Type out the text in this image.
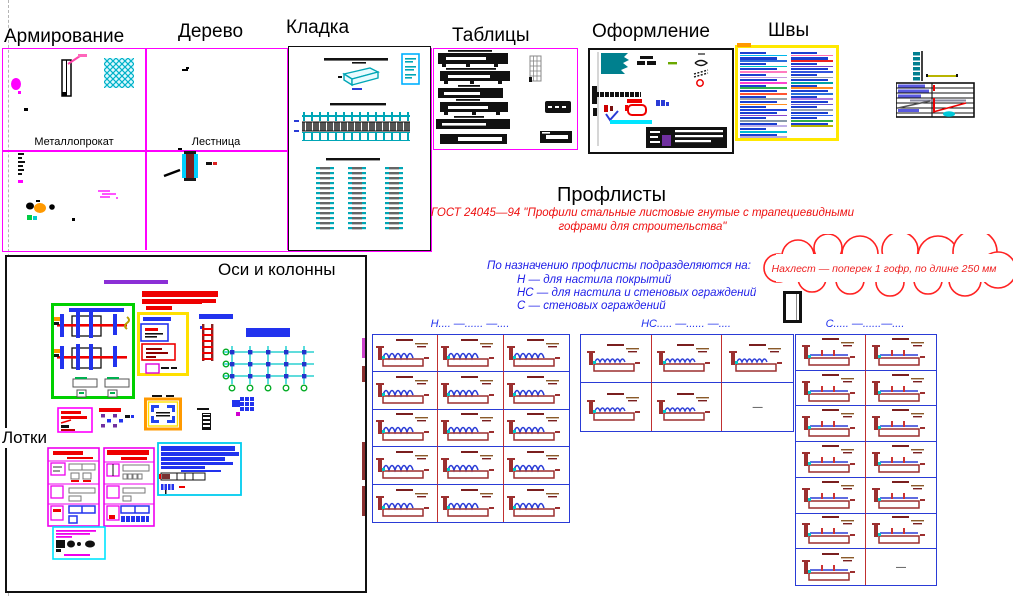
Армирование	Дерево Кладка	Таблицы	Оформление	Швы
Профлисты
Металлопрокат	Лестница
ГОСТ 24045—94 "Профили стальные листовые гнутые с трапециевидными
гофрами для строительства"
По назначению профлисты подразделяются на:
Н — для настила покрытий
НС — для настила и стеновых ограждений
С — стеновых ограждений
Нахлест — поперек 1 гофр, по длине 250 мм
Оси и колонны
Лотки
Н.... —...... —....	НС..... —...... —....
—
С..... —......—....
—
